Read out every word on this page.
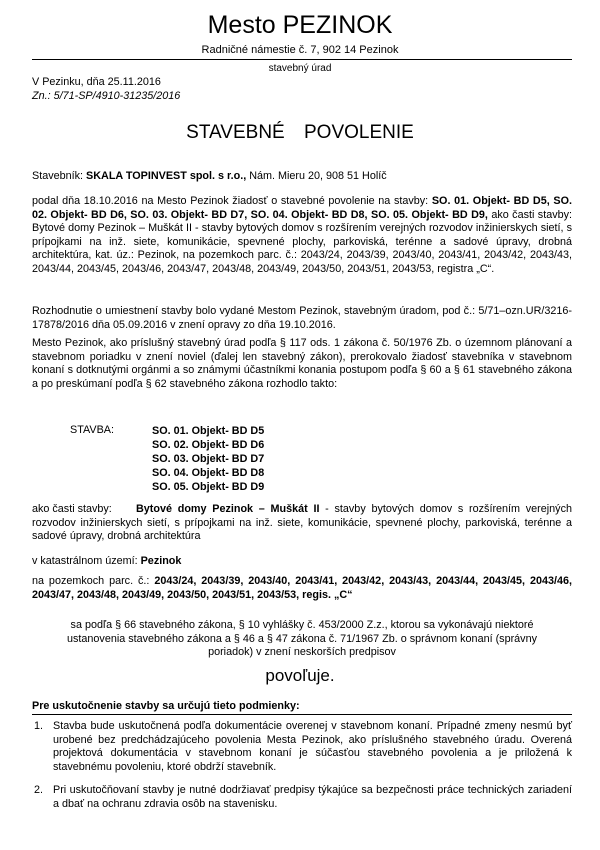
Mesto PEZINOK
Radničné námestie č. 7, 902 14 Pezinok
stavebný úrad
V Pezinku, dňa 25.11.2016
Zn.: 5/71-SP/4910-31235/2016
STAVEBNÉ POVOLENIE
Stavebník: SKALA TOPINVEST spol. s r.o., Nám. Mieru 20, 908 51 Holíč
podal dňa 18.10.2016 na Mesto Pezinok žiadosť o stavebné povolenie na stavby: SO. 01. Objekt- BD D5, SO. 02. Objekt- BD D6, SO. 03. Objekt- BD D7, SO. 04. Objekt- BD D8, SO. 05. Objekt- BD D9, ako časti stavby: Bytové domy Pezinok – Muškát II - stavby bytových domov s rozšírením verejných rozvodov inžinierskych sietí, s prípojkami na inž. siete, komunikácie, spevnené plochy, parkoviská, terénne a sadové úpravy, drobná architektúra, kat. úz.: Pezinok, na pozemkoch parc. č.: 2043/24, 2043/39, 2043/40, 2043/41, 2043/42, 2043/43, 2043/44, 2043/45, 2043/46, 2043/47, 2043/48, 2043/49, 2043/50, 2043/51, 2043/53, registra „C“.
Rozhodnutie o umiestnení stavby bolo vydané Mestom Pezinok, stavebným úradom, pod č.: 5/71–ozn.UR/3216-17878/2016 dňa 05.09.2016 v znení opravy zo dňa 19.10.2016.
Mesto Pezinok, ako príslušný stavebný úrad podľa § 117 ods. 1 zákona č. 50/1976 Zb. o územnom plánovaní a stavebnom poriadku v znení noviel (ďalej len stavebný zákon), prerokovalo žiadosť stavebníka v stavebnom konaní s dotknutými orgánmi a so známymi účastníkmi konania postupom podľa § 60 a § 61 stavebného zákona a po preskúmaní podľa § 62 stavebného zákona rozhodlo takto:
STAVBA:	SO. 01. Objekt- BD D5
SO. 02. Objekt- BD D6
SO. 03. Objekt- BD D7
SO. 04. Objekt- BD D8
SO. 05. Objekt- BD D9
ako časti stavby: Bytové domy Pezinok – Muškát II - stavby bytových domov s rozšírením verejných rozvodov inžinierskych sietí, s prípojkami na inž. siete, komunikácie, spevnené plochy, parkoviská, terénne a sadové úpravy, drobná architektúra
v katastrálnom území: Pezinok
na pozemkoch parc. č.: 2043/24, 2043/39, 2043/40, 2043/41, 2043/42, 2043/43, 2043/44, 2043/45, 2043/46, 2043/47, 2043/48, 2043/49, 2043/50, 2043/51, 2043/53, regis. „C“
sa podľa § 66 stavebného zákona, § 10 vyhlášky č. 453/2000 Z.z., ktorou sa vykonávajú niektoré ustanovenia stavebného zákona a § 46 a § 47 zákona č. 71/1967 Zb. o správnom konaní (správny poriadok) v znení neskorších predpisov
povoľuje.
Pre uskutočnenie stavby sa určujú tieto podmienky:
1. Stavba bude uskutočnená podľa dokumentácie overenej v stavebnom konaní. Prípadné zmeny nesmú byť urobené bez predchádzajúceho povolenia Mesta Pezinok, ako príslušného stavebného úradu. Overená projektová dokumentácia v stavebnom konaní je súčasťou stavebného povolenia a je priložená k stavebnému povoleniu, ktoré obdrží stavebník.
2. Pri uskutočňovaní stavby je nutné dodržiavať predpisy týkajúce sa bezpečnosti práce technických zariadení a dbať na ochranu zdravia osôb na stavenisku.
